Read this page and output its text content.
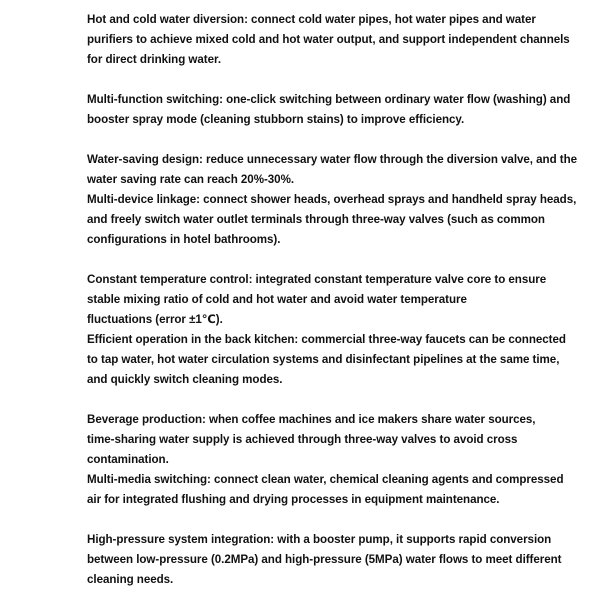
Hot and cold water diversion: connect cold water pipes, hot water pipes and water
purifiers to achieve mixed cold and hot water output, and support independent channels
for direct drinking water.
Multi-function switching: one-click switching between ordinary water flow (washing) and
booster spray mode (cleaning stubborn stains) to improve efficiency.
Water-saving design: reduce unnecessary water flow through the diversion valve, and the
water saving rate can reach 20%-30%.
Multi-device linkage: connect shower heads, overhead sprays and handheld spray heads,
and freely switch water outlet terminals through three-way valves (such as common
configurations in hotel bathrooms).
Constant temperature control: integrated constant temperature valve core to ensure
stable mixing ratio of cold and hot water and avoid water temperature
fluctuations (error ±1℃).
Efficient operation in the back kitchen: commercial three-way faucets can be connected
to tap water, hot water circulation systems and disinfectant pipelines at the same time,
and quickly switch cleaning modes.
Beverage production: when coffee machines and ice makers share water sources,
time-sharing water supply is achieved through three-way valves to avoid cross
contamination.
Multi-media switching: connect clean water, chemical cleaning agents and compressed
air for integrated flushing and drying processes in equipment maintenance.
High-pressure system integration: with a booster pump, it supports rapid conversion
between low-pressure (0.2MPa) and high-pressure (5MPa) water flows to meet different
cleaning needs.
